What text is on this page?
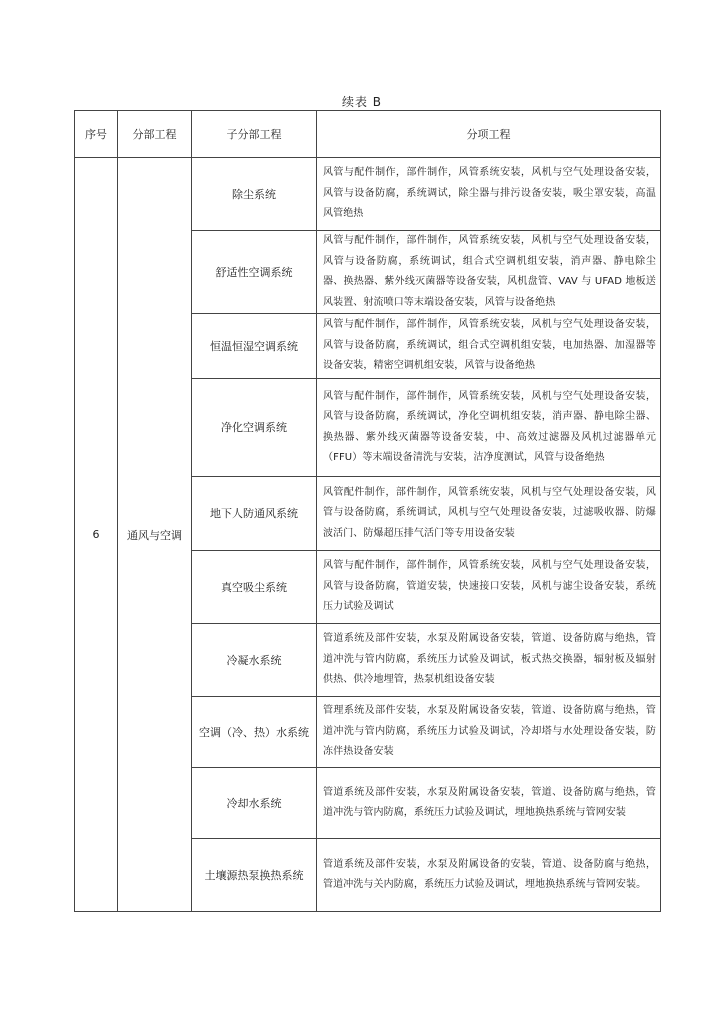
续表 B
序号	分部工程	子分部工程	分项工程
6	通风与空调	除尘系统	风管与配件制作，部件制作，风管系统安装，风机与空气处理设备安装，风管与设备防腐，系统调试，除尘器与排污设备安装，吸尘罩安装，高温风管绝热
		舒适性空调系统	风管与配件制作，部件制作，风管系统安装，风机与空气处理设备安装，风管与设备防腐，系统调试，组合式空调机组安装，消声器、静电除尘器、换热器、紫外线灭菌器等设备安装，风机盘管、VAV 与 UFAD 地板送风装置、射流喷口等末端设备安装，风管与设备绝热
		恒温恒湿空调系统	风管与配件制作，部件制作，风管系统安装，风机与空气处理设备安装，风管与设备防腐，系统调试，组合式空调机组安装，电加热器、加湿器等设备安装，精密空调机组安装，风管与设备绝热
		净化空调系统	风管与配件制作，部件制作，风管系统安装，风机与空气处理设备安装，风管与设备防腐，系统调试，净化空调机组安装，消声器、静电除尘器、换热器、紫外线灭菌器等设备安装，中、高效过滤器及风机过滤器单元（FFU）等末端设备清洗与安装，洁净度测试，风管与设备绝热
		地下人防通风系统	风管配件制作，部件制作，风管系统安装，风机与空气处理设备安装，风管与设备防腐，系统调试，风机与空气处理设备安装，过滤吸收器、防爆波活门、防爆超压排气活门等专用设备安装
		真空吸尘系统	风管与配件制作，部件制作，风管系统安装，风机与空气处理设备安装，风管与设备防腐，管道安装，快速接口安装，风机与滤尘设备安装，系统压力试验及调试
		冷凝水系统	管道系统及部件安装，水泵及附属设备安装，管道、设备防腐与绝热，管道冲洗与管内防腐，系统压力试验及调试，板式热交换器，辐射板及辐射供热、供冷地埋管，热泵机组设备安装
		空调（冷、热）水系统	管理系统及部件安装，水泵及附属设备安装，管道、设备防腐与绝热，管道冲洗与管内防腐，系统压力试验及调试，冷却塔与水处理设备安装，防冻伴热设备安装
		冷却水系统	管道系统及部件安装，水泵及附属设备安装，管道、设备防腐与绝热，管道冲洗与管内防腐，系统压力试验及调试，埋地换热系统与管网安装
		土壤源热泵换热系统	管道系统及部件安装，水泵及附属设备的安装，管道、设备防腐与绝热，管道冲洗与关内防腐，系统压力试验及调试，埋地换热系统与管网安装。
